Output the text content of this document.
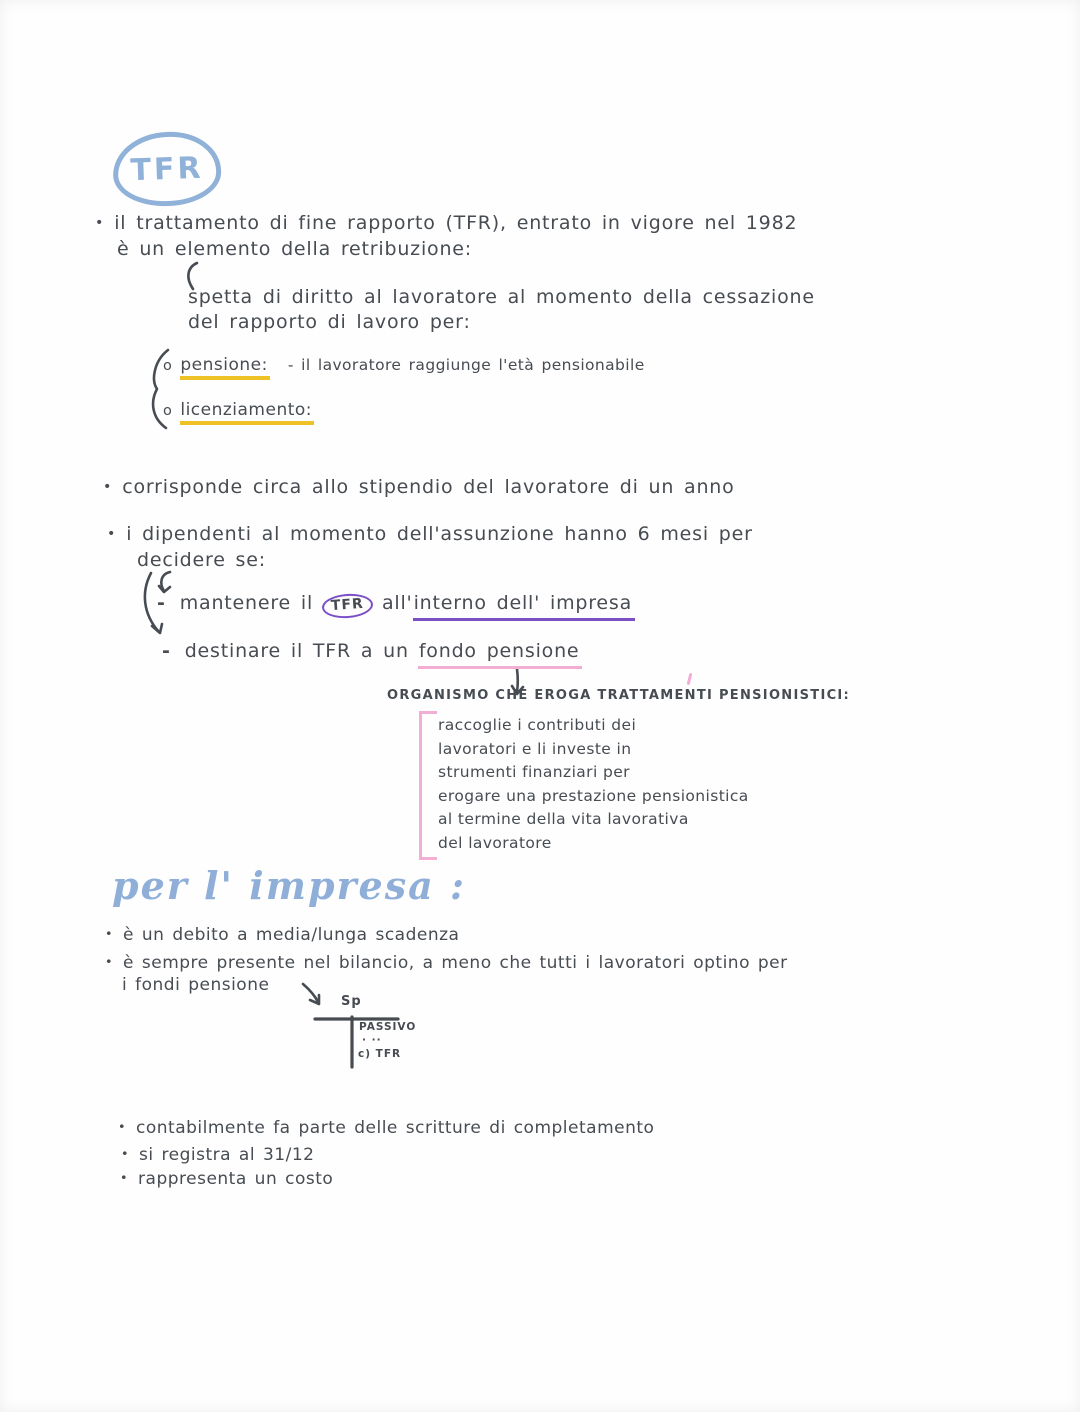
TFR
• il trattamento di fine rapporto (TFR), entrato in vigore nel 1982
è un elemento della retribuzione:
spetta di diritto al lavoratore al momento della cessazione
del rapporto di lavoro per:
o pensione: - il lavoratore raggiunge l'età pensionabile
o licenziamento:
• corrisponde circa allo stipendio del lavoratore di un anno
• i dipendenti al momento dell'assunzione hanno 6 mesi per
decidere se:
- mantenere il TFR all'interno dell' impresa
- destinare il TFR a un fondo pensione
ORGANISMO CHE EROGA TRATTAMENTI PENSIONISTICI:
raccoglie i contributi dei
lavoratori e li investe in
strumenti finanziari per
erogare una prestazione pensionistica
al termine della vita lavorativa
del lavoratore
per l' impresa :
• è un debito a media/lunga scadenza
• è sempre presente nel bilancio, a meno che tutti i lavoratori optino per
i fondi pensione
Sp
PASSIVO
· ··
c) TFR
• contabilmente fa parte delle scritture di completamento
• si registra al 31/12
• rappresenta un costo
